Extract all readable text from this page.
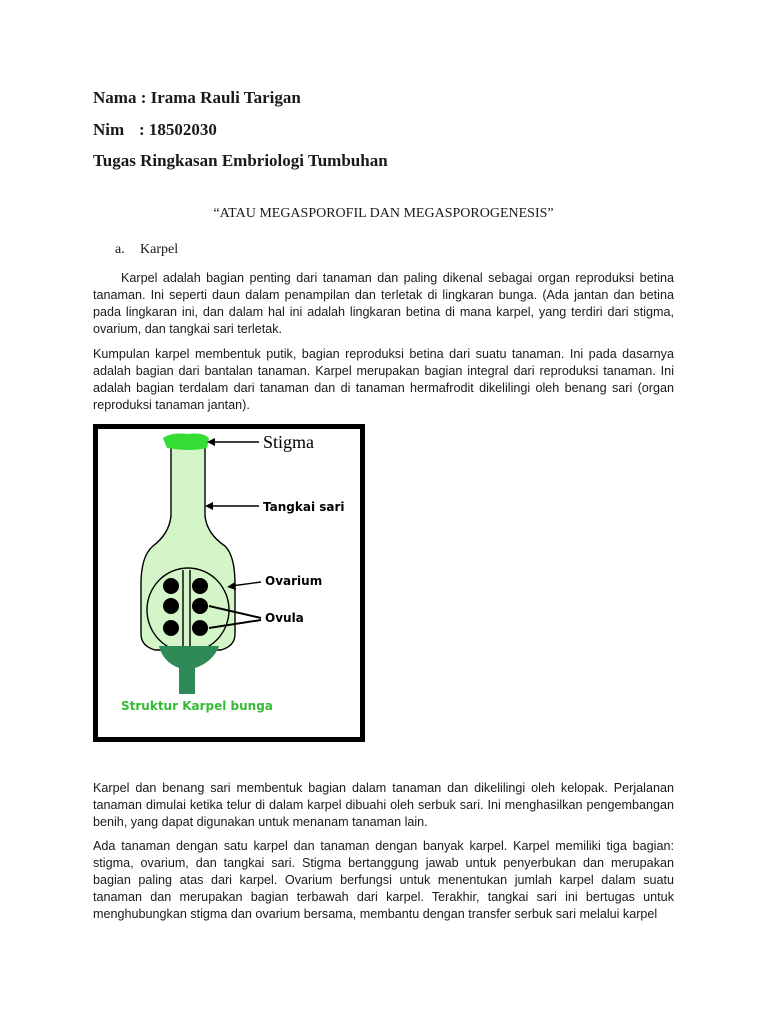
Nama : Irama Rauli Tarigan
Nim : 18502030
Tugas Ringkasan Embriologi Tumbuhan
“ATAU MEGASPOROFIL DAN MEGASPOROGENESIS”
a. Karpel

Karpel adalah bagian penting dari tanaman dan paling dikenal sebagai organ reproduksi betina tanaman. Ini seperti daun dalam penampilan dan terletak di lingkaran bunga. (Ada jantan dan betina pada lingkaran ini, dan dalam hal ini adalah lingkaran betina di mana karpel, yang terdiri dari stigma, ovarium, dan tangkai sari terletak.

Kumpulan karpel membentuk putik, bagian reproduksi betina dari suatu tanaman. Ini pada dasarnya adalah bagian dari bantalan tanaman. Karpel merupakan bagian integral dari reproduksi tanaman. Ini adalah bagian terdalam dari tanaman dan di tanaman hermafrodit dikelilingi oleh benang sari (organ reproduksi tanaman jantan).

Stigma
Tangkai sari
Ovarium
Ovula
Struktur Karpel bunga

Karpel dan benang sari membentuk bagian dalam tanaman dan dikelilingi oleh kelopak. Perjalanan tanaman dimulai ketika telur di dalam karpel dibuahi oleh serbuk sari. Ini menghasilkan pengembangan benih, yang dapat digunakan untuk menanam tanaman lain.

Ada tanaman dengan satu karpel dan tanaman dengan banyak karpel. Karpel memiliki tiga bagian: stigma, ovarium, dan tangkai sari. Stigma bertanggung jawab untuk penyerbukan dan merupakan bagian paling atas dari karpel. Ovarium berfungsi untuk menentukan jumlah karpel dalam suatu tanaman dan merupakan bagian terbawah dari karpel. Terakhir, tangkai sari ini bertugas untuk menghubungkan stigma dan ovarium bersama, membantu dengan transfer serbuk sari melalui karpel
